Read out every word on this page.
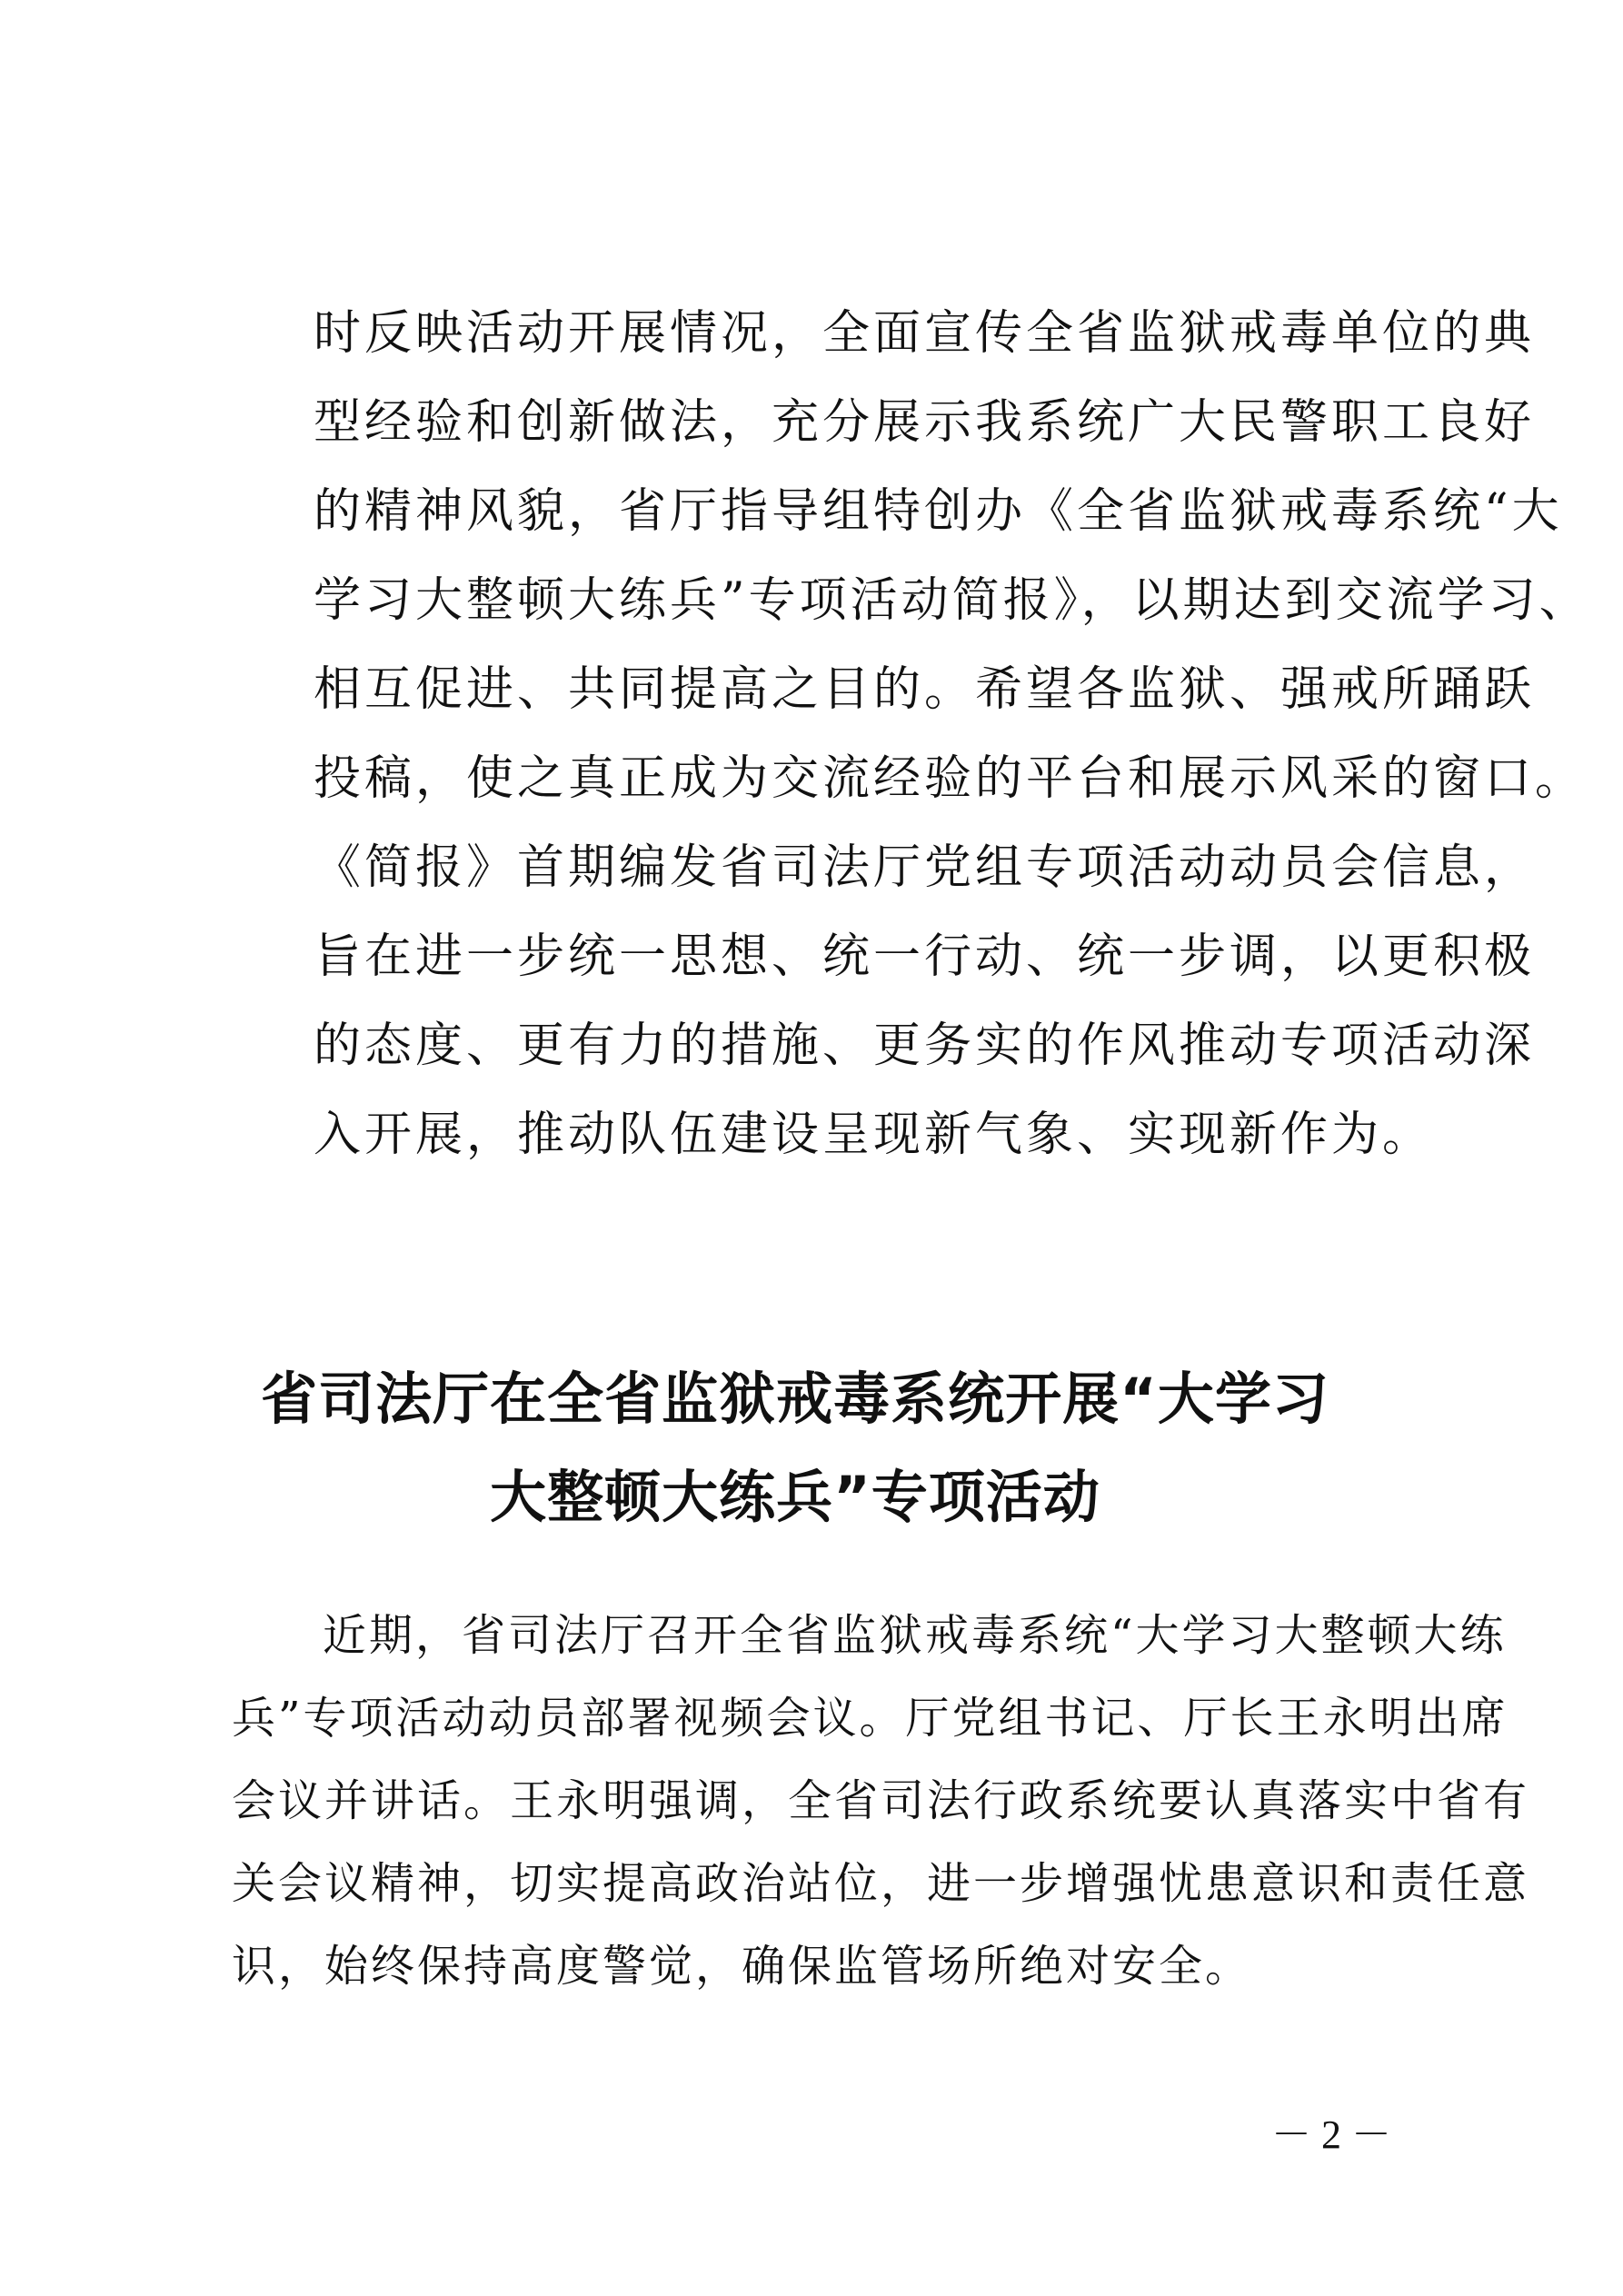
时反映活动开展情况，全面宣传全省监狱戒毒单位的典
型经验和创新做法，充分展示我系统广大民警职工良好
的精神风貌，省厅指导组特创办《全省监狱戒毒系统“大
学习大整顿大练兵”专项活动简报》，以期达到交流学习、
相互促进、共同提高之目的。希望各监狱、强戒所踊跃
投稿，使之真正成为交流经验的平台和展示风采的窗口。
《简报》首期编发省司法厅党组专项活动动员会信息，
旨在进一步统一思想、统一行动、统一步调，以更积极
的态度、更有力的措施、更务实的作风推动专项活动深
入开展，推动队伍建设呈现新气象、实现新作为。
省司法厅在全省监狱戒毒系统开展“大学习
大整顿大练兵”专项活动
近期，省司法厅召开全省监狱戒毒系统“大学习大整顿大练
兵”专项活动动员部署视频会议。厅党组书记、厅长王永明出席
会议并讲话。王永明强调，全省司法行政系统要认真落实中省有
关会议精神，切实提高政治站位，进一步增强忧患意识和责任意
识，始终保持高度警觉，确保监管场所绝对安全。
－ 2 －
